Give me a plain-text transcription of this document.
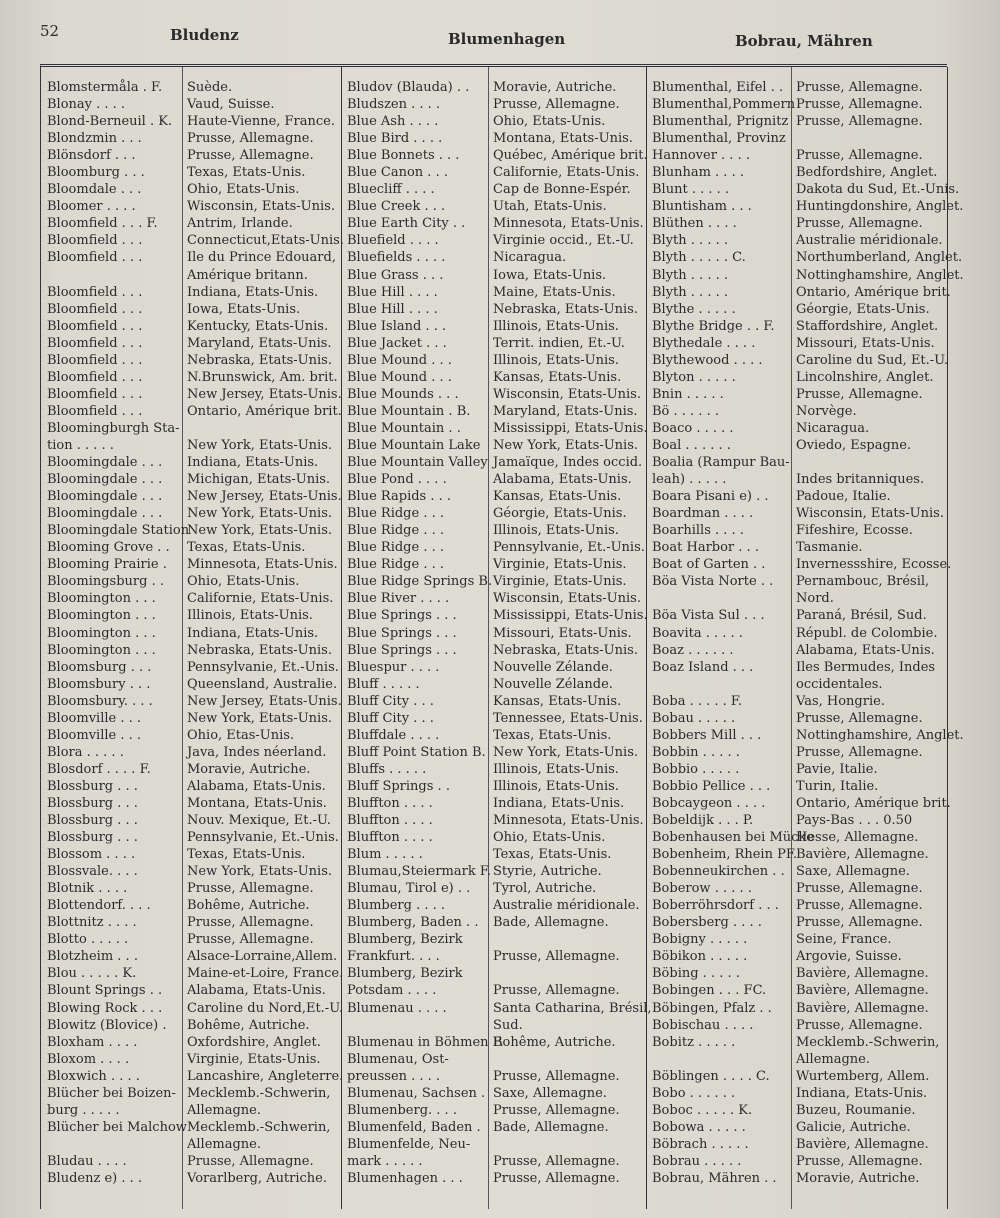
52	Bludenz	Blumenhagen	Bobrau, Mähren
Blomstermåla . F.	Suède.
Blonay . . . .	Vaud, Suisse.
Blond-Berneuil . K.	Haute-Vienne, France.
Blondzmin . . .	Prusse, Allemagne.
Blönsdorf . . .	Prusse, Allemagne.
Bloomburg . . .	Texas, Etats-Unis.
Bloomdale . . .	Ohio, Etats-Unis.
Bloomer . . . .	Wisconsin, Etats-Unis.
Bloomfield . . . F.	Antrim, Irlande.
Bloomfield . . .	Connecticut,Etats-Unis.
Bloomfield . . .	Ile du Prince Edouard,
Amérique britann.
Bloomfield . . .	Indiana, Etats-Unis.
Bloomfield . . .	Iowa, Etats-Unis.
Bloomfield . . .	Kentucky, Etats-Unis.
Bloomfield . . .	Maryland, Etats-Unis.
Bloomfield . . .	Nebraska, Etats-Unis.
Bloomfield . . .	N.Brunswick, Am. brit.
Bloomfield . . .	New Jersey, Etats-Unis.
Bloomfield . . .	Ontario, Amérique brit.
Bloomingburgh Sta-
tion . . . . .	New York, Etats-Unis.
Bloomingdale . . .	Indiana, Etats-Unis.
Bloomingdale . . .	Michigan, Etats-Unis.
Bloomingdale . . .	New Jersey, Etats-Unis.
Bloomingdale . . .	New York, Etats-Unis.
Bloomingdale Station
New York, Etats-Unis.
Blooming Grove . .	Texas, Etats-Unis.
Blooming Prairie .	Minnesota, Etats-Unis.
Bloomingsburg . .	Ohio, Etats-Unis.
Bloomington . . .	Californie, Etats-Unis.
Bloomington . . .	Illinois, Etats-Unis.
Bloomington . . .	Indiana, Etats-Unis.
Bloomington . . .	Nebraska, Etats-Unis.
Bloomsburg . . .	Pennsylvanie, Et.-Unis.
Bloomsbury . . .	Queensland, Australie.
Bloomsbury. . . .	New Jersey, Etats-Unis.
Bloomville . . .	New York, Etats-Unis.
Bloomville . . .	Ohio, Etas-Unis.
Blora . . . . .	Java, Indes néerland.
Blosdorf . . . . F.	Moravie, Autriche.
Blossburg . . .	Alabama, Etats-Unis.
Blossburg . . .	Montana, Etats-Unis.
Blossburg . . .	Nouv. Mexique, Et.-U.
Blossburg . . .	Pennsylvanie, Et.-Unis.
Blossom . . . .	Texas, Etats-Unis.
Blossvale. . . .	New York, Etats-Unis.
Blotnik . . . .	Prusse, Allemagne.
Blottendorf. . . .	Bohême, Autriche.
Blottnitz . . . .	Prusse, Allemagne.
Blotto . . . . .	Prusse, Allemagne.
Blotzheim . . .	Alsace-Lorraine,Allem.
Blou . . . . . K.	Maine-et-Loire, France.
Blount Springs . .	Alabama, Etats-Unis.
Blowing Rock . . .	Caroline du Nord,Et.-U.
Blowitz (Blovice) .	Bohême, Autriche.
Bloxham . . . .	Oxfordshire, Anglet.
Bloxom . . . .	Virginie, Etats-Unis.
Bloxwich . . . .	Lancashire, Angleterre.
Blücher bei Boizen- Mecklemb.-Schwerin,
burg . . . . .	Allemagne.
Blücher bei Malchow Mecklemb.-Schwerin,
Allemagne.
Bludau . . . .	Prusse, Allemagne.
Bludenz e) . . .	Vorarlberg, Autriche.
Bludov (Blauda) . .	Moravie, Autriche.
Bludszen . . . .	Prusse, Allemagne.
Blue Ash . . . .	Ohio, Etats-Unis.
Blue Bird . . . .	Montana, Etats-Unis.
Blue Bonnets . . .	Québec, Amérique brit.
Blue Canon . . .	Californie, Etats-Unis.
Bluecliff . . . .	Cap de Bonne-Espér.
Blue Creek . . .	Utah, Etats-Unis.
Blue Earth City . .	Minnesota, Etats-Unis.
Bluefield . . . .	Virginie occid., Et.-U.
Bluefields . . . .	Nicaragua.
Blue Grass . . .	Iowa, Etats-Unis.
Blue Hill . . . .	Maine, Etats-Unis.
Blue Hill . . . .	Nebraska, Etats-Unis.
Blue Island . . .	Illinois, Etats-Unis.
Blue Jacket . . .	Territ. indien, Et.-U.
Blue Mound . . .	Illinois, Etats-Unis.
Blue Mound . . .	Kansas, Etats-Unis.
Blue Mounds . . .	Wisconsin, Etats-Unis.
Blue Mountain . B.	Maryland, Etats-Unis.
Blue Mountain . .	Mississippi, Etats-Unis.
Blue Mountain Lake New York, Etats-Unis.
Blue Mountain Valley Jamaïque, Indes occid.
Blue Pond . . . .	Alabama, Etats-Unis.
Blue Rapids . . .	Kansas, Etats-Unis.
Blue Ridge . . .	Géorgie, Etats-Unis.
Blue Ridge . . .	Illinois, Etats-Unis.
Blue Ridge . . .	Pennsylvanie, Et.-Unis.
Blue Ridge . . .	Virginie, Etats-Unis.
Blue Ridge Springs B. Virginie, Etats-Unis.
Blue River . . . .	Wisconsin, Etats-Unis.
Blue Springs . . .	Mississippi, Etats-Unis.
Blue Springs . . .	Missouri, Etats-Unis.
Blue Springs . . .	Nebraska, Etats-Unis.
Bluespur . . . .	Nouvelle Zélande.
Bluff . . . . .	Nouvelle Zélande.
Bluff City . . .	Kansas, Etats-Unis.
Bluff City . . .	Tennessee, Etats-Unis.
Bluffdale . . . .	Texas, Etats-Unis.
Bluff Point Station B. New York, Etats-Unis.
Bluffs . . . . .	Illinois, Etats-Unis.
Bluff Springs . .	Illinois, Etats-Unis.
Bluffton . . . .	Indiana, Etats-Unis.
Bluffton . . . .	Minnesota, Etats-Unis.
Bluffton . . . .	Ohio, Etats-Unis.
Blum . . . . .	Texas, Etats-Unis.
Blumau,Steiermark F. Styrie, Autriche.
Blumau, Tirol e) . .	Tyrol, Autriche.
Blumberg . . . .	Australie méridionale.
Blumberg, Baden . .	Bade, Allemagne.
Blumberg, Bezirk
Frankfurt. . . .	Prusse, Allemagne.
Blumberg, Bezirk
Potsdam . . . .	Prusse, Allemagne.
Blumenau . . . .	Santa Catharina, Brésil,
Sud.
Blumenau in Böhmen F.
Bohême, Autriche.
Blumenau, Ost-
preussen . . . .	Prusse, Allemagne.
Blumenau, Sachsen . Saxe, Allemagne.
Blumenberg. . . .	Prusse, Allemagne.
Blumenfeld, Baden . Bade, Allemagne.
Blumenfelde, Neu-
mark . . . . .	Prusse, Allemagne.
Blumenhagen . . .	Prusse, Allemagne.
Blumenthal, Eifel . . Prusse, Allemagne.
Blumenthal,Pommern Prusse, Allemagne.
Blumenthal, Prignitz Prusse, Allemagne.
Blumenthal, Provinz
Hannover . . . .	Prusse, Allemagne.
Blunham . . . .	Bedfordshire, Anglet.
Blunt . . . . .	Dakota du Sud, Et.-Unis.
Bluntisham . . .	Huntingdonshire, Anglet.
Blüthen . . . .	Prusse, Allemagne.
Blyth . . . . .	Australie méridionale.
Blyth . . . . . C.	Northumberland, Anglet.
Blyth . . . . .	Nottinghamshire, Anglet.
Blyth . . . . .	Ontario, Amérique brit.
Blythe . . . . .	Géorgie, Etats-Unis.
Blythe Bridge . . F.	Staffordshire, Anglet.
Blythedale . . . .	Missouri, Etats-Unis.
Blythewood . . . .	Caroline du Sud, Et.-U.
Blyton . . . . .	Lincolnshire, Anglet.
Bnin . . . . .	Prusse, Allemagne.
Bö . . . . . .	Norvège.
Boaco . . . . .	Nicaragua.
Boal . . . . . .	Oviedo, Espagne.
Boalia (Rampur Bau-
leah) . . . . .	Indes britanniques.
Boara Pisani e) . .	Padoue, Italie.
Boardman . . . .	Wisconsin, Etats-Unis.
Boarhills . . . .	Fifeshire, Ecosse.
Boat Harbor . . .	Tasmanie.
Boat of Garten . .	Invernessshire, Ecosse.
Böa Vista Norte . .	Pernambouc, Brésil,
Nord.
Böa Vista Sul . . .	Paraná, Brésil, Sud.
Boavita . . . . .	Républ. de Colombie.
Boaz . . . . . .	Alabama, Etats-Unis.
Boaz Island . . .	Iles Bermudes, Indes
occidentales.
Boba . . . . . F.	Vas, Hongrie.
Bobau . . . . .	Prusse, Allemagne.
Bobbers Mill . . .	Nottinghamshire, Anglet.
Bobbin . . . . .	Prusse, Allemagne.
Bobbio . . . . .	Pavie, Italie.
Bobbio Pellice . . .	Turin, Italie.
Bobcaygeon . . . .	Ontario, Amérique brit.
Bobeldijk . . . P.	Pays-Bas . . . 0.50
Bobenhausen bei Mücke
Hesse, Allemagne.
Bobenheim, Rhein PF. Bavière, Allemagne.
Bobenneukirchen . . Saxe, Allemagne.
Boberow . . . . .	Prusse, Allemagne.
Boberröhrsdorf . . .	Prusse, Allemagne.
Bobersberg . . . .	Prusse, Allemagne.
Bobigny . . . . .	Seine, France.
Böbikon . . . . .	Argovie, Suisse.
Böbing . . . . .	Bavière, Allemagne.
Bobingen . . . FC.	Bavière, Allemagne.
Böbingen, Pfalz . .	Bavière, Allemagne.
Bobischau . . . .	Prusse, Allemagne.
Bobitz . . . . .	Mecklemb.-Schwerin,
Allemagne.
Böblingen . . . . C.	Wurtemberg, Allem.
Bobo . . . . . .	Indiana, Etats-Unis.
Boboc . . . . . K.	Buzeu, Roumanie.
Bobowa . . . . .	Galicie, Autriche.
Böbrach . . . . .	Bavière, Allemagne.
Bobrau . . . . .	Prusse, Allemagne.
Bobrau, Mähren . .	Moravie, Autriche.
